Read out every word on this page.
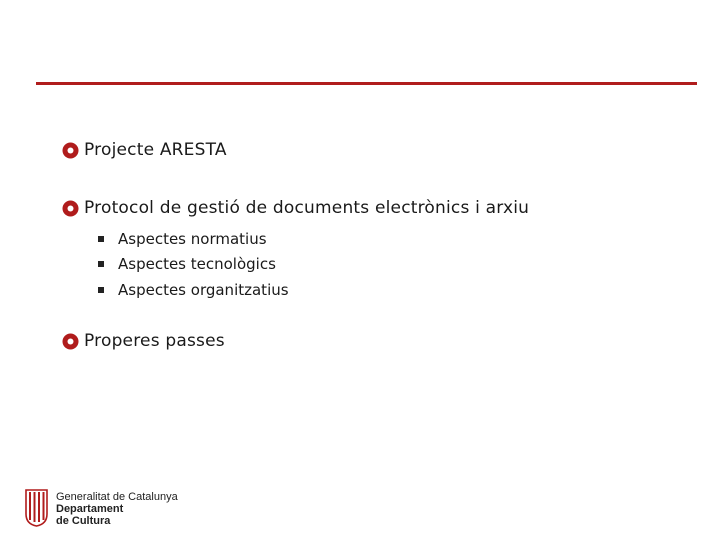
Projecte ARESTA
Protocol de gestió de documents electrònics i arxiu
Aspectes normatius
Aspectes tecnològics
Aspectes organitzatius
Properes passes
Generalitat de Catalunya
Departament
de Cultura
